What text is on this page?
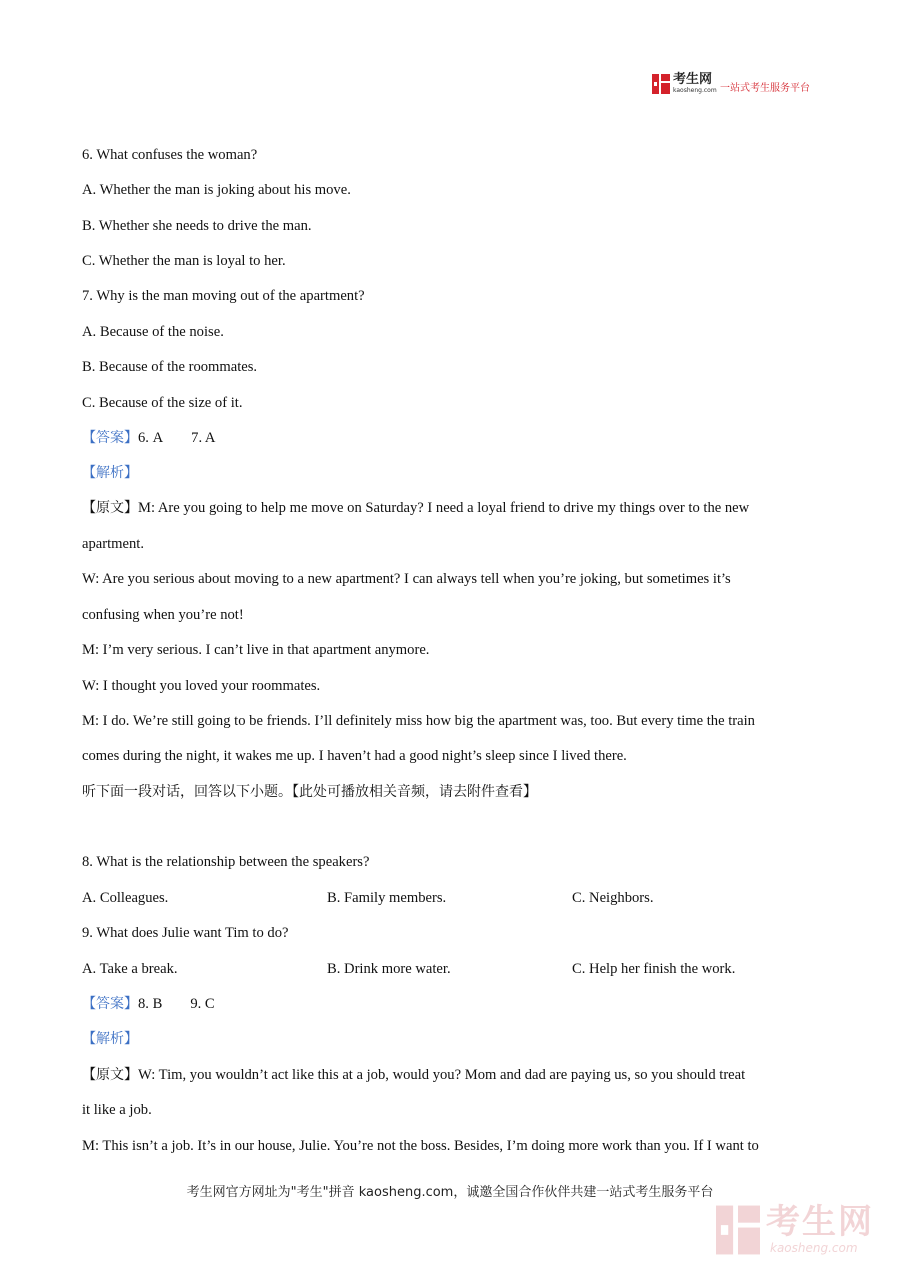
考生网
kaosheng.com 一站式考生服务平台
6. What confuses the woman?
A. Whether the man is joking about his move.
B. Whether she needs to drive the man.
C. Whether the man is loyal to her.
7. Why is the man moving out of the apartment?
A. Because of the noise.
B. Because of the roommates.
C. Because of the size of it.
【答案】6. A 7. A
【解析】
【原文】M: Are you going to help me move on Saturday? I need a loyal friend to drive my things over to the new
apartment.
W: Are you serious about moving to a new apartment? I can always tell when you’re joking, but sometimes it’s
confusing when you’re not!
M: I’m very serious. I can’t live in that apartment anymore.
W: I thought you loved your roommates.
M: I do. We’re still going to be friends. I’ll definitely miss how big the apartment was, too. But every time the train
comes during the night, it wakes me up. I haven’t had a good night’s sleep since I lived there.
听下面一段对话，回答以下小题。【此处可播放相关音频，请去附件查看】
8. What is the relationship between the speakers?
A. Colleagues.	B. Family members.	C. Neighbors.
9. What does Julie want Tim to do?
A. Take a break.	B. Drink more water.	C. Help her finish the work.
【答案】8. B 9. C
【解析】
【原文】W: Tim, you wouldn’t act like this at a job, would you? Mom and dad are paying us, so you should treat
it like a job.
M: This isn’t a job. It’s in our house, Julie. You’re not the boss. Besides, I’m doing more work than you. If I want to
考生网官方网址为"考生"拼音 kaosheng.com，诚邀全国合作伙伴共建一站式考生服务平台
考生网
kaosheng.com
